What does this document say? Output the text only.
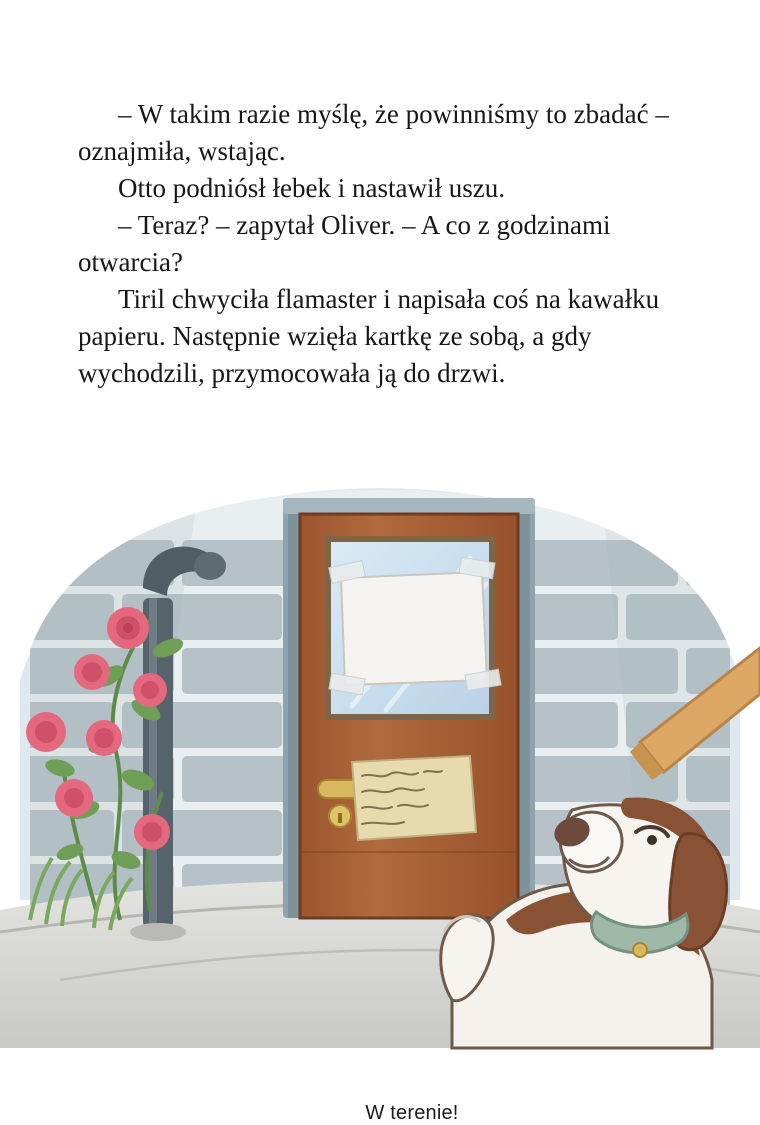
– W takim razie myślę, że powinniśmy to zbadać – oznajmiła, wstając.

Otto podniósł łebek i nastawił uszu.

– Teraz? – zapytał Oliver. – A co z godzinami otwarcia?

Tiril chwyciła flamaster i napisała coś na kawałku papieru. Następnie wzięła kartkę ze sobą, a gdy wychodzili, przymocowała ją do drzwi.

W terenie!
